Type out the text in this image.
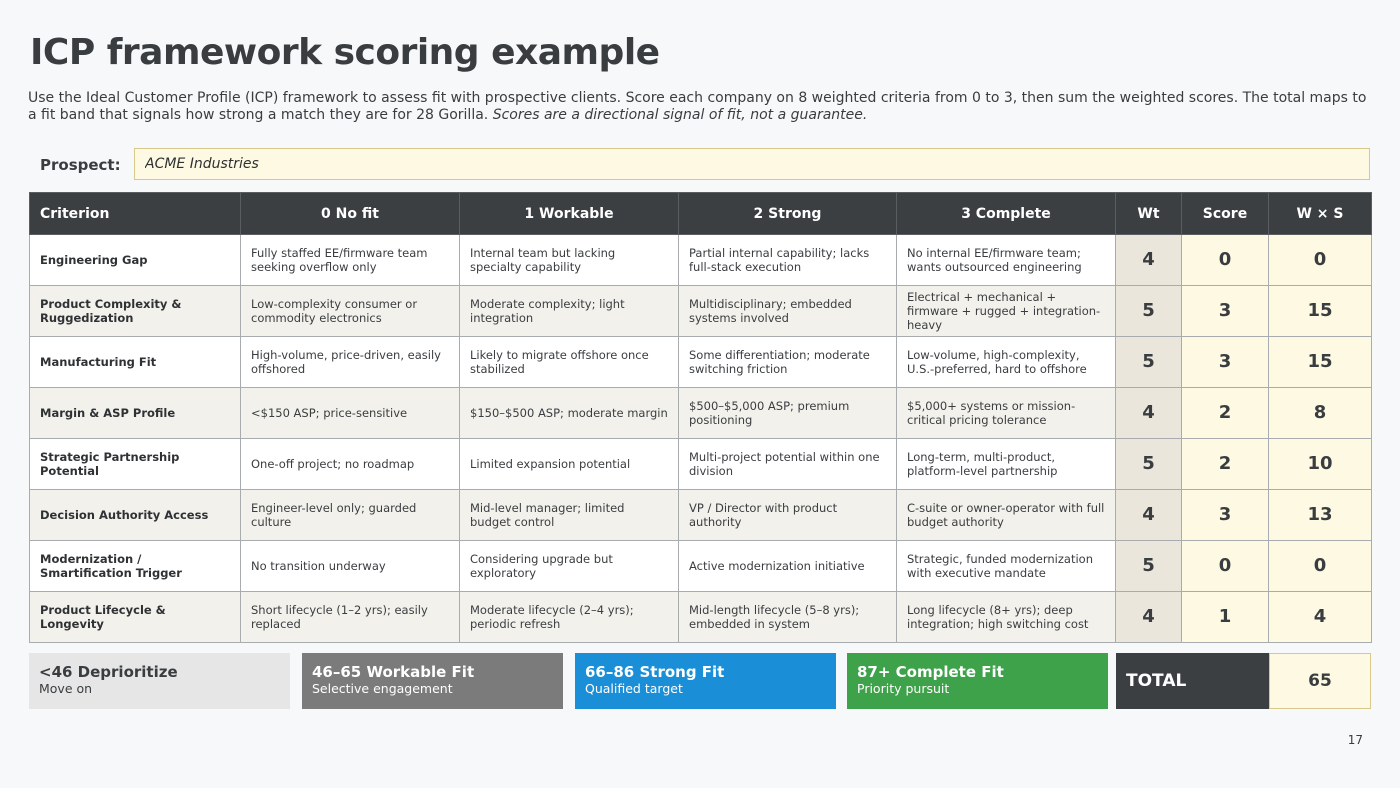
ICP framework scoring example
Use the Ideal Customer Profile (ICP) framework to assess fit with prospective clients. Score each company on 8 weighted criteria from 0 to 3, then sum the weighted scores. The total maps to a fit band that signals how strong a match they are for 28 Gorilla. Scores are a directional signal of fit, not a guarantee.
Prospect:
ACME Industries
Criterion	0 No fit	1 Workable	2 Strong	3 Complete	Wt	Score	W × S
Engineering Gap	Fully staffed EE/firmware team seeking overflow only	Internal team but lacking specialty capability	Partial internal capability; lacks full-stack execution	No internal EE/firmware team; wants outsourced engineering	4	0	0
Product Complexity & Ruggedization	Low-complexity consumer or commodity electronics	Moderate complexity; light integration	Multidisciplinary; embedded systems involved	Electrical + mechanical + firmware + rugged + integration-heavy	5	3	15
Manufacturing Fit	High-volume, price-driven, easily offshored	Likely to migrate offshore once stabilized	Some differentiation; moderate switching friction	Low-volume, high-complexity, U.S.-preferred, hard to offshore	5	3	15
Margin & ASP Profile	<$150 ASP; price-sensitive	$150–$500 ASP; moderate margin	$500–$5,000 ASP; premium positioning	$5,000+ systems or mission-critical pricing tolerance	4	2	8
Strategic Partnership Potential	One-off project; no roadmap	Limited expansion potential	Multi-project potential within one division	Long-term, multi-product, platform-level partnership	5	2	10
Decision Authority Access	Engineer-level only; guarded culture	Mid-level manager; limited budget control	VP / Director with product authority	C-suite or owner-operator with full budget authority	4	3	13
Modernization / Smartification Trigger	No transition underway	Considering upgrade but exploratory	Active modernization initiative	Strategic, funded modernization with executive mandate	5	0	0
Product Lifecycle & Longevity	Short lifecycle (1–2 yrs); easily replaced	Moderate lifecycle (2–4 yrs); periodic refresh	Mid-length lifecycle (5–8 yrs); embedded in system	Long lifecycle (8+ yrs); deep integration; high switching cost	4	1	4
<46 Deprioritize
Move on
46–65 Workable Fit
Selective engagement
66–86 Strong Fit
Qualified target
87+ Complete Fit
Priority pursuit	TOTAL	65
17
